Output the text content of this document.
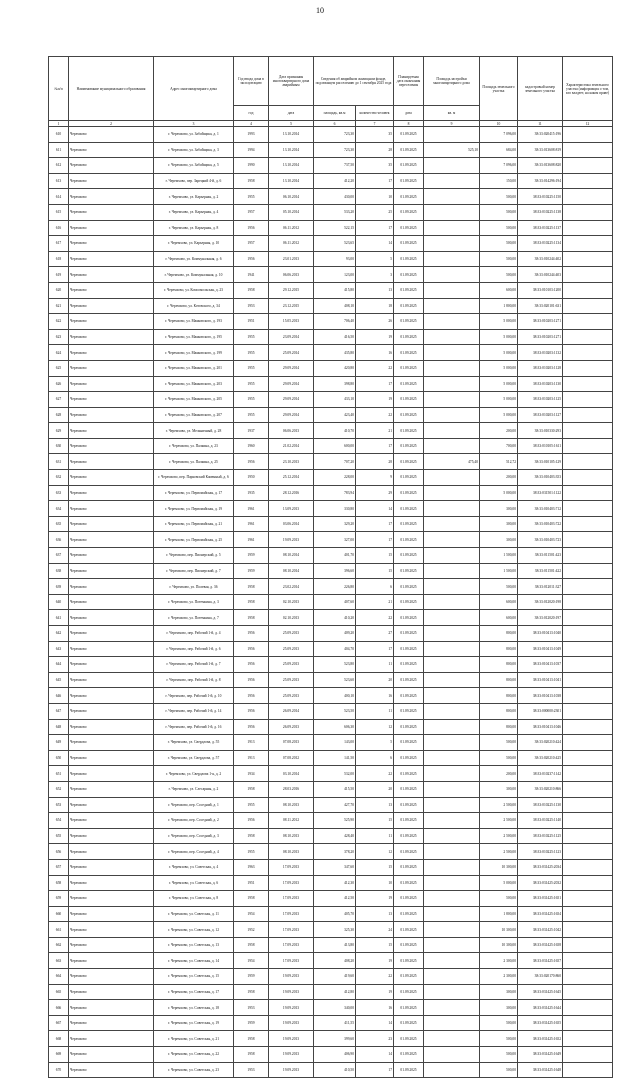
10
№п/п	Наименование муниципального образования	Адрес многоквартирного дома	Год ввода дома в эксплуатацию	Дата признания многоквартирного дома аварийным	Сведения об аварийном жилищном фонде, подлежащем расселению до 1 сентября 2025 года		Планируемая дата окончания переселения	Площадь застройки многоквартирного дома	Площадь земельного участка	кадастровый номер земельного участка	Характеристика земельного участка (информация о том, кто владеет, на каком праве)
			год	дата	площадь, кв.м	количество человек	дата	кв. м			
1	2	3	4	5	6	7	8	9	10	11	12
610	Черемхово	г. Черемхово, ул. Забойщика, д. 1	1993	13.10.2014	723,30	35	01.09.2025		7 096,00	38:33:020415:196	
611	Черемхово	г. Черемхово, ул. Забойщика, д. 3	1994	13.10.2014	723,30	28	01.09.2025	525,10	684,00	38:33:013608:819	
612	Черемхово	г. Черемхово, ул. Забойщика, д. 5	1990	13.10.2014	737,50	35	01.09.2025		7 096,00	38:33:013608:820	
613	Черемхово	г. Черемхово, пер. Зарецкий 4-й, д. 6	1958	13.10.2014	412,20	17	01.09.2025		150,00	38:33:014296:194	
614	Черемхово	г. Черемхово, ул. Карьерная, д. 2	1955	06.10.2014	430,00	10	01.09.2025		500,00	38:33:010225:1150	
615	Черемхово	г. Черемхово, ул. Карьерная, д. 4	1957	05.10.2014	533,20	25	01.09.2025		500,00	38:33:010225:1138	
616	Черемхово	г. Черемхово, ул. Карьерная, д. 8	1956	06.11.2012	522,15	17	01.09.2025		500,00	38:33:010225:1137	
617	Черемхово	г. Черемхово, ул. Карьерная, д. 10	1957	06.11.2012	523,65	14	01.09.2025		500,00	38:33:010225:1134	
618	Черемхово	г. Черемхово, ул. Коммунальная, д. 6	1956	23.01.2013	93,00	5	01.09.2025		500,00	38:33:010244:402	
619	Черемхово	г. Черемхово, ул. Коммунальная, д. 10	1941	06.06.2013	123,00	3	01.09.2025		500,00	38:33:010244:403	
620	Черемхово	г. Черемхово, ул. Комсомольская, д. 23	1958	29.12.2015	415,80	13	01.09.2025		600,00	38:33:010103:1200	
621	Черемхово	г. Черемхово, ул. Котовского, д. 34	1953	23.12.2015	408,10	18	01.09.2025		1 800,00	38:33:020101:631	
622	Черемхово	г. Черемхово, ул. Маяковского, д. 193	1951	15.05.2013	706,40	26	01.09.2025		5 000,00	38:33:010203:1271	
623	Черемхово	г. Черемхово, ул. Маяковского, д. 195	1955	23.09.2014	416,50	19	01.09.2025		5 000,00	38:33:010203:1271	
624	Черемхово	г. Черемхово, ул. Маяковского, д. 199	1955	25.09.2014	435,80	16	01.09.2025		5 000,00	38:33:010203:1132	
625	Черемхово	г. Черемхово, ул. Маяковского, д. 201	1955	29.09.2014	420,80	22	01.09.2025		5 000,00	38:33:010203:1128	
626	Черемхово	г. Черемхово, ул. Маяковского, д. 203	1955	29.09.2014	398,80	17	01.09.2025		5 000,00	38:33:010203:1130	
627	Черемхово	г. Черемхово, ул. Маяковского, д. 205	1955	29.09.2014	433,10	19	01.09.2025		5 000,00	38:33:010203:1125	
628	Черемхово	г. Черемхово, ул. Маяковского, д. 207	1955	29.09.2014	423,40	22	01.09.2025		5 000,00	38:33:010203:1127	
629	Черемхово	г. Черемхово, ул. Мельничный, д. 28	1937	06.06.2013	410,70	21	01.09.2025		200,00	38:33:010330:293	
630	Черемхово	г. Черемхово, ул. Палкина, д. 23	1960	21.02.2014	600,00	17	01.09.2025		700,00	38:33:010105:1611	
631	Черемхово	г. Черемхово, ул. Палкина, д. 25	1956	23.10.2013	707,20	28	01.09.2025	475,40	512,72	38:33:010105:129	
632	Черемхово	г. Черемхово, пер. Парковский Каменный, д. 6	1950	25.12.2014	228,00	9	01.09.2025		200,00	38:33:010403:353	
633	Черемхово	г. Черемхово, ул. Первомайская, д. 17	1935	28.12.2016	783,94	29	01.09.2025		5 000,00	38:33:031501:1122	
634	Черемхово	г. Черемхово, ул. Первомайская, д. 19	1961	13.09.2013	330,80	14	01.09.2025		300,00	38:33:010403:712	
635	Черемхово	г. Черемхово, ул. Первомайская, д. 21	1961	03.06.2014	329,20	17	01.09.2025		300,00	38:33:010403:722	
636	Черемхово	г. Черемхово, ул. Первомайская, д. 25	1961	19.09.2013	327,00	17	01.09.2025		300,00	38:33:010403:723	
637	Черемхово	г. Черемхово, пер. Пионерский, д. 5	1959	08.10.2014	401,70	15	01.09.2025		1 500,00	38:33:011501:423	
638	Черемхово	г. Черемхово, пер. Пионерский, д. 7	1959	08.10.2014	396,60	15	01.09.2025		1 500,00	38:33:011501:422	
639	Черемхово	г. Черемхово, ул. Полевая, д. 36	1958	23.02.2014	226,80	6	01.09.2025		500,00	38:33:012011:327	
640	Черемхово	г. Черемхово, ул. Потемкина, д. 3	1958	02.10.2013	407,60	21	01.09.2025		600,00	38:33:012020:198	
641	Черемхово	г. Черемхово, ул. Потемкина, д. 7	1958	02.10.2013	410,20	22	01.09.2025		600,00	38:33:012020:197	
642	Черемхово	г. Черемхово, пер. Рабочий 1-й, д. 4	1956	25.09.2013	409,20	27	01.09.2025		800,00	38:33:010413:1040	
643	Черемхово	г. Черемхово, пер. Рабочий 1-й, д. 6	1956	25.09.2013	404,70	17	01.09.2025		800,00	38:33:010413:1049	
644	Черемхово	г. Черемхово, пер. Рабочий 1-й, д. 7	1956	25.09.2013	523,80	11	01.09.2025		800,00	38:33:010413:1037	
645	Черемхово	г. Черемхово, пер. Рабочий 1-й, д. 8	1956	25.09.2013	523,60	20	01.09.2025		800,00	38:33:010413:1041	
646	Черемхово	г. Черемхово, пер. Рабочий 1-й, д. 10	1956	25.09.2013	400,10	16	01.09.2025		800,00	38:33:010413:1038	
647	Черемхово	г. Черемхово, пер. Рабочий 1-й, д. 14	1956	26.09.2014	523,50	11	01.09.2025		800,00	38:33:000000:2301	
648	Черемхово	г. Черемхово, пер. Рабочий 1-й, д. 16	1956	26.09.2013	606,30	12	01.09.2025		800,00	38:33:010413:1046	
649	Черемхово	г. Черемхово, ул. Свердлова, д. 55	1913	07.08.2013	143,00	5	01.09.2025		500,00	38:33:020210:424	
650	Черемхово	г. Черемхово, ул. Свердлова, д. 57	1913	07.08.2012	141,50	6	01.09.2025		500,00	38:33:020210:425	
651	Черемхово	г. Черемхово, ул. Свердлова 1-я, д. 2	1934	03.10.2014	532,00	22	01.09.2025		200,00	38:33:010237:1142	
652	Черемхово	г. Черемхово, ул. Слесарная, д. 2	1958	28.03.2016	415,50	20	01.09.2025		300,00	38:33:020210:866	
653	Черемхово	г. Черемхово, пер. Соседний, д. 1	1955	08.10.2013	427,70	13	01.09.2025		2 500,00	38:33:010225:1130	
654	Черемхово	г. Черемхово, пер. Соседний, д. 2	1956	08.11.2012	525,90	15	01.09.2025		2 500,00	38:33:010225:1140	
655	Черемхово	г. Черемхово, пер. Соседний, д. 3	1958	08.10.2013	428,40	11	01.09.2025		2 500,00	38:33:010225:1125	
656	Черемхово	г. Черемхово, пер. Соседний, д. 4	1955	08.10.2013	378,20	12	01.09.2025		2 500,00	38:33:010225:1123	
657	Черемхово	г. Черемхово, ул. Советская, д. 4	1963	17.09.2013	347,60	15	01.09.2025		10 300,00	38:33:031425:2034	
658	Черемхово	г. Черемхово, ул. Советская, д. 6	1951	17.09.2013	412,30	10	01.09.2025		5 000,00	38:33:031425:2032	
659	Черемхово	г. Черемхово, ул. Советская, д. 8	1958	17.09.2013	412,50	19	01.09.2025		500,00	38:33:031425:1651	
660	Черемхово	г. Черемхово, ул. Советская, д. 11	1954	17.09.2013	405,70	13	01.09.2025		1 800,00	38:33:031425:1654	
661	Черемхово	г. Черемхово, ул. Советская, д. 12	1952	17.09.2013	325,30	24	01.09.2025		10 300,00	38:33:031425:1042	
662	Черемхово	г. Черемхово, ул. Советская, д. 13	1958	17.09.2013	413,80	15	01.09.2025		10 300,00	38:33:031425:1658	
663	Черемхово	г. Черемхово, ул. Советская, д. 14	1954	17.09.2013	408,20	19	01.09.2025		2 300,00	38:33:031425:1657	
664	Черемхово	г. Черемхово, ул. Советская, д. 15	1959	19.09.2013	419,60	22	01.09.2025		2 300,00	38:33:020170:860	
665	Черемхово	г. Черемхово, ул. Советская, д. 17	1958	19.09.2013	412,80	19	01.09.2025		300,00	38:33:031425:1645	
666	Черемхово	г. Черемхово, ул. Советская, д. 18	1953	19.09.2013	340,00	16	01.09.2025		300,00	38:33:031425:1644	
667	Черемхово	г. Черемхово, ул. Советская, д. 19	1959	19.09.2013	411,55	14	01.09.2025		500,00	38:33:031425:1655	
668	Черемхово	г. Черемхово, ул. Советская, д. 21	1958	19.09.2013	399,60	23	01.09.2025		500,00	38:33:031425:1652	
669	Черемхово	г. Черемхово, ул. Советская, д. 22	1958	19.09.2013	406,90	14	01.09.2025		500,00	38:33:031425:1649	
670	Черемхово	г. Черемхово, ул. Советская, д. 23	1953	19.09.2013	410,50	17	01.09.2025		500,00	38:33:031425:1648	
